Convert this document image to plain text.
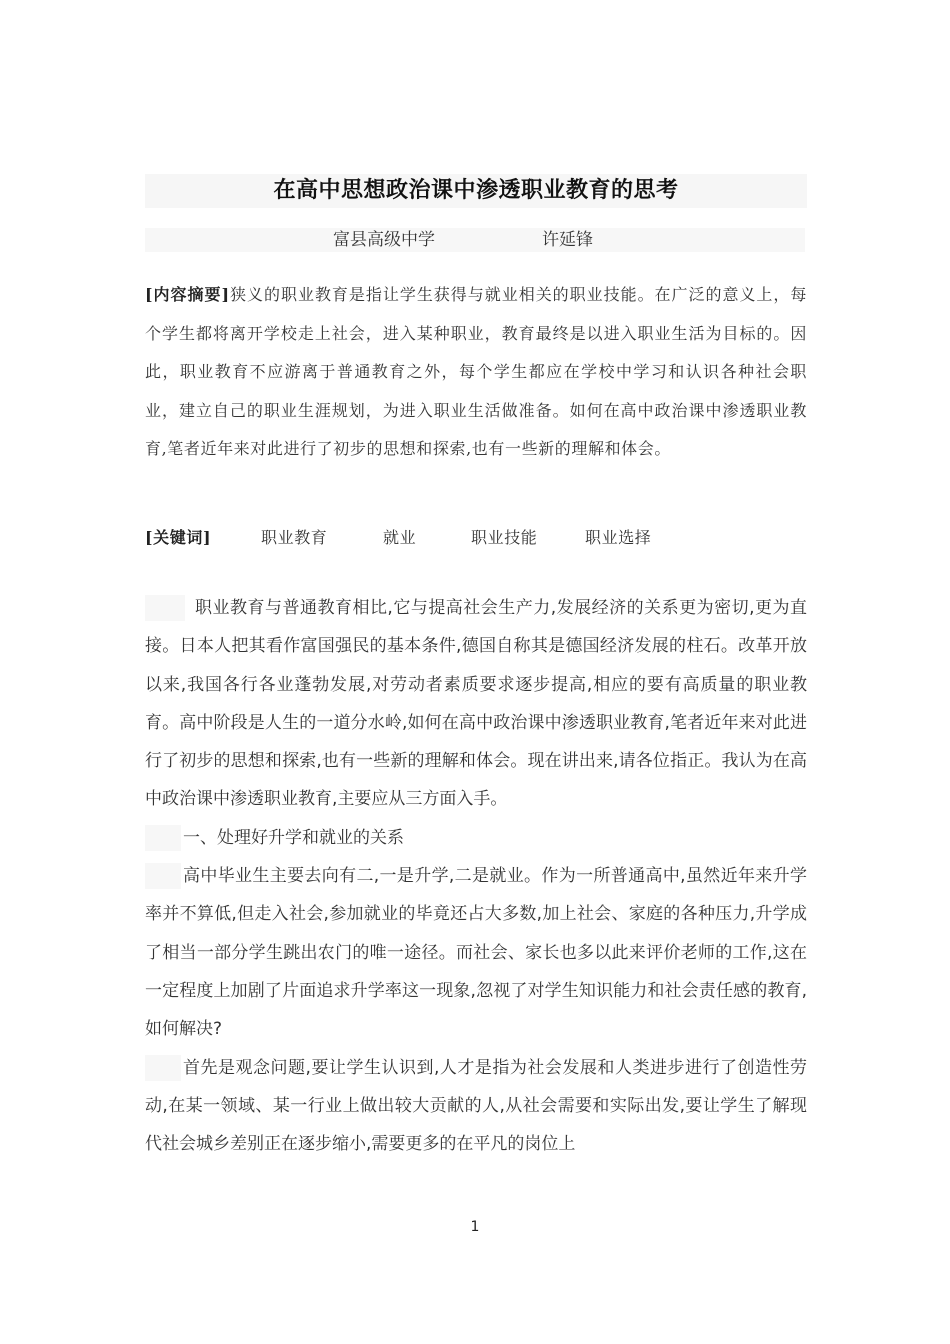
在高中思想政治课中渗透职业教育的思考
富县高级中学	许延锋
[内容摘要]狭义的职业教育是指让学生获得与就业相关的职业技能。在广泛的意义上，每个学生都将离开学校走上社会，进入某种职业，教育最终是以进入职业生活为目标的。因 此，职业教育不应游离于普通教育之外，每个学生都应在学校中学习和认识各种社会职业，建立自己的职业生涯规划，为进入职业生活做准备。如何在高中政治课中渗透职业教育,笔者近年来对此进行了初步的思想和探索,也有一些新的理解和体会。
[关键词]	职业教育	就业	职业技能	职业选择

职业教育与普通教育相比,它与提高社会生产力,发展经济的关系更为密切,更为直接。日本人把其看作富国强民的基本条件,德国自称其是德国经济发展的柱石。改革开放以来,我国各行各业蓬勃发展,对劳动者素质要求逐步提高,相应的要有高质量的职业教育。高中阶段是人生的一道分水岭,如何在高中政治课中渗透职业教育,笔者近年来对此进行了初步的思想和探索,也有一些新的理解和体会。现在讲出来,请各位指正。我认为在高中政治课中渗透职业教育,主要应从三方面入手。

一、处理好升学和就业的关系

高中毕业生主要去向有二,一是升学,二是就业。作为一所普通高中,虽然近年来升学率并不算低,但走入社会,参加就业的毕竟还占大多数,加上社会、家庭的各种压力,升学成了相当一部分学生跳出农门的唯一途径。而社会、家长也多以此来评价老师的工作,这在一定程度上加剧了片面追求升学率这一现象,忽视了对学生知识能力和社会责任感的教育,如何解决?

首先是观念问题,要让学生认识到,人才是指为社会发展和人类进步进行了创造性劳动,在某一领域、某一行业上做出较大贡献的人,从社会需要和实际出发,要让学生了解现代社会城乡差别正在逐步缩小,需要更多的在平凡的岗位上

1
